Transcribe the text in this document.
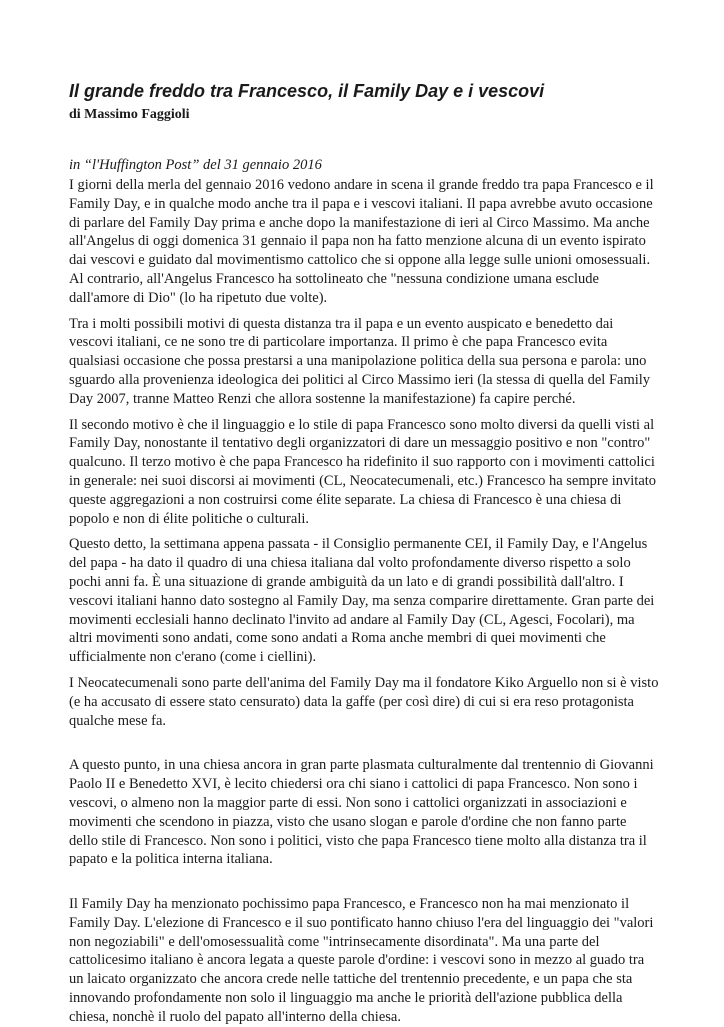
Il grande freddo tra Francesco, il Family Day e i vescovi
di Massimo Faggioli
in “l'Huffington Post” del 31 gennaio 2016

I giorni della merla del gennaio 2016 vedono andare in scena il grande freddo tra papa Francesco e il Family Day, e in qualche modo anche tra il papa e i vescovi italiani. Il papa avrebbe avuto occasione di parlare del Family Day prima e anche dopo la manifestazione di ieri al Circo Massimo. Ma anche all'Angelus di oggi domenica 31 gennaio il papa non ha fatto menzione alcuna di un evento ispirato dai vescovi e guidato dal movimentismo cattolico che si oppone alla legge sulle unioni omosessuali. Al contrario, all'Angelus Francesco ha sottolineato che "nessuna condizione umana esclude dall'amore di Dio" (lo ha ripetuto due volte).

Tra i molti possibili motivi di questa distanza tra il papa e un evento auspicato e benedetto dai vescovi italiani, ce ne sono tre di particolare importanza. Il primo è che papa Francesco evita qualsiasi occasione che possa prestarsi a una manipolazione politica della sua persona e parola: uno sguardo alla provenienza ideologica dei politici al Circo Massimo ieri (la stessa di quella del Family Day 2007, tranne Matteo Renzi che allora sostenne la manifestazione) fa capire perché.

Il secondo motivo è che il linguaggio e lo stile di papa Francesco sono molto diversi da quelli visti al Family Day, nonostante il tentativo degli organizzatori di dare un messaggio positivo e non "contro" qualcuno. Il terzo motivo è che papa Francesco ha ridefinito il suo rapporto con i movimenti cattolici in generale: nei suoi discorsi ai movimenti (CL, Neocatecumenali, etc.) Francesco ha sempre invitato queste aggregazioni a non costruirsi come élite separate. La chiesa di Francesco è una chiesa di popolo e non di élite politiche o culturali.

Questo detto, la settimana appena passata - il Consiglio permanente CEI, il Family Day, e l'Angelus del papa - ha dato il quadro di una chiesa italiana dal volto profondamente diverso rispetto a solo pochi anni fa. È una situazione di grande ambiguità da un lato e di grandi possibilità dall'altro. I vescovi italiani hanno dato sostegno al Family Day, ma senza comparire direttamente. Gran parte dei movimenti ecclesiali hanno declinato l'invito ad andare al Family Day (CL, Agesci, Focolari), ma altri movimenti sono andati, come sono andati a Roma anche membri di quei movimenti che ufficialmente non c'erano (come i ciellini).

I Neocatecumenali sono parte dell'anima del Family Day ma il fondatore Kiko Arguello non si è visto (e ha accusato di essere stato censurato) data la gaffe (per così dire) di cui si era reso protagonista qualche mese fa.

A questo punto, in una chiesa ancora in gran parte plasmata culturalmente dal trentennio di Giovanni Paolo II e Benedetto XVI, è lecito chiedersi ora chi siano i cattolici di papa Francesco. Non sono i vescovi, o almeno non la maggior parte di essi. Non sono i cattolici organizzati in associazioni e movimenti che scendono in piazza, visto che usano slogan e parole d'ordine che non fanno parte dello stile di Francesco. Non sono i politici, visto che papa Francesco tiene molto alla distanza tra il papato e la politica interna italiana.

Il Family Day ha menzionato pochissimo papa Francesco, e Francesco non ha mai menzionato il Family Day. L'elezione di Francesco e il suo pontificato hanno chiuso l'era del linguaggio dei "valori non negoziabili" e dell'omosessualità come "intrinsecamente disordinata". Ma una parte del cattolicesimo italiano è ancora legata a queste parole d'ordine: i vescovi sono in mezzo al guado tra un laicato organizzato che ancora crede nelle tattiche del trentennio precedente, e un papa che sta innovando profondamente non solo il linguaggio ma anche le priorità dell'azione pubblica della chiesa, nonchè il ruolo del papato all'interno della chiesa.
